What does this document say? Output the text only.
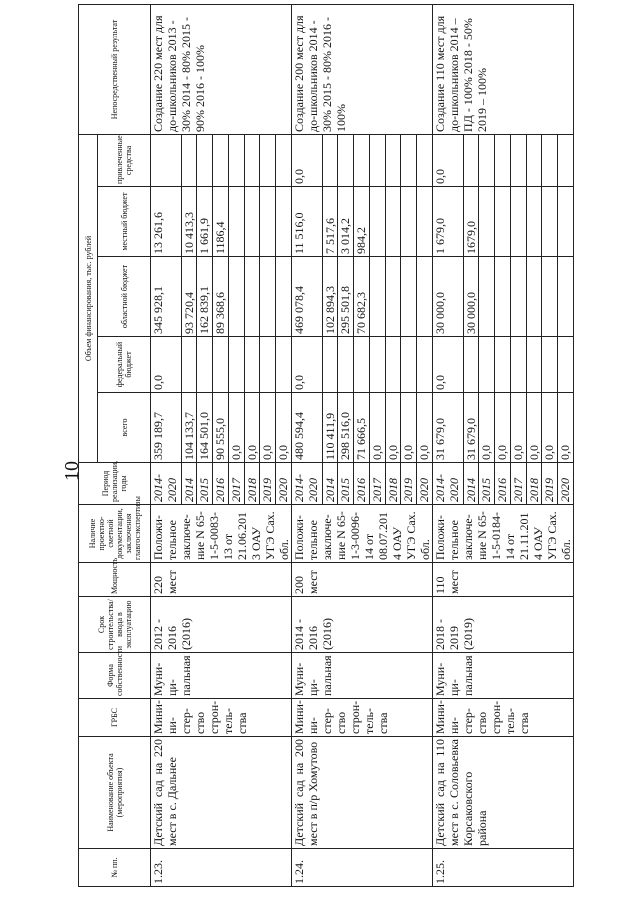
10
№ пп.	Наименование объекта (мероприятия)	ГРБС	Форма собственности	Срок строительства/ввода в эксплуатацию	Мощность	Наличие проектно-сметной документации, заключения главгосэкспертизы	Период реализации, годы	Объем финансирования, тыс. рублей					Непосредственный результат
								всего	федеральный бюджет	областной бюджет	местный бюджет	привлеченные средства	
1.23.	Детский сад на 220 мест в с. Дальнее	Мини-ни-стер-ство строн-тель-ства	Муни-ци-пальная	2012 - 2016 (2016)	220 мест	Положи-тельное заключе-ние N 65-1-5-0083-13 от 21.06.201 3 ОАУ УГЭ Сах. обл.	2014-2020	359 189,7	0,0	345 928,1	13 261,6		Создание 220 мест для до-школьников 2013 - 30% 2014 - 80% 2015 - 90% 2016 - 100%
							2014	104 133,7		93 720,4	10 413,3		
							2015	164 501,0		162 839,1	1 661,9		
							2016	90 555,0		89 368,6	1186,4		
							2017	0,0					
							2018	0,0					
							2019	0,0					
							2020	0,0					
1.24.	Детский сад на 200 мест в п/р Хомутово	Мини-ни-стер-ство строн-тель-ства	Муни-ци-пальная	2014 - 2016 (2016)	200 мест	Положи-тельное заключе-ние N 65-1-3-0096-14 от 08.07.201 4 ОАУ УГЭ Сах. обл.	2014-2020	480 594,4	0,0	469 078,4	11 516,0	0,0	Создание 200 мест для до-школьников 2014 - 30% 2015 - 80% 2016 - 100%
							2014	110 411,9		102 894,3	7 517,6		
							2015	298 516,0		295 501,8	3 014,2		
							2016	71 666,5		70 682,3	984,2		
							2017	0,0					
							2018	0,0					
							2019	0,0					
							2020	0,0					
1.25.	Детский сад на 110 мест в с. Соловьевка Корсаковского района	Мини-ни-стер-ство строн-тель-ства	Муни-ци-пальная	2018 - 2019 (2019)	110 мест	Положи-тельное заключе-ние N 65-1-5-0184-14 от 21.11.201 4 ОАУ УГЭ Сах. обл.	2014-2020	31 679,0	0,0	30 000,0	1 679,0	0,0	Создание 110 мест для до-школьников 2014 – ПД - 100% 2018 - 50% 2019 – 100%
							2014	31 679,0		30 000,0	1679,0		
							2015	0,0					
							2016	0,0					
							2017	0,0					
							2018	0,0					
							2019	0,0					
							2020	0,0					
